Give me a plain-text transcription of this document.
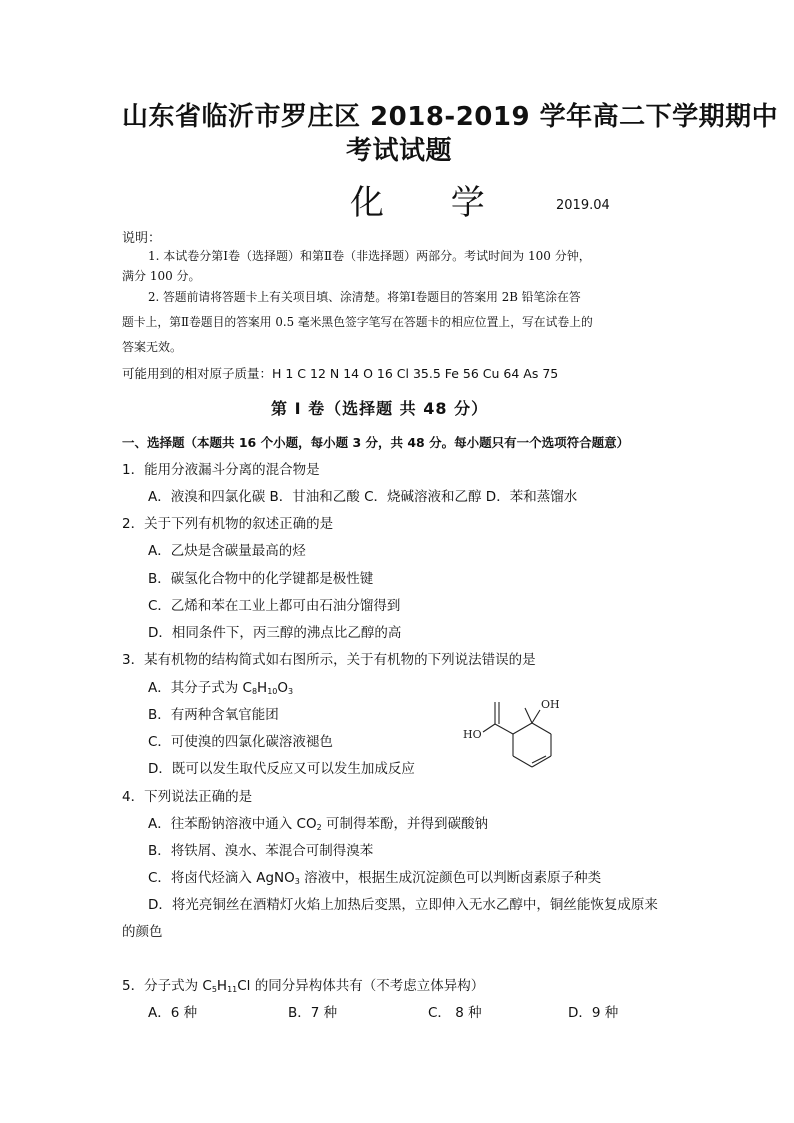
山东省临沂市罗庄区 2018-2019 学年高二下学期期中
考试试题
化 学	2019.04
说明：
1. 本试卷分第Ⅰ卷（选择题）和第Ⅱ卷（非选择题）两部分。考试时间为 100 分钟，
满分 100 分。
2. 答题前请将答题卡上有关项目填、涂清楚。将第Ⅰ卷题目的答案用 2B 铅笔涂在答
题卡上，第Ⅱ卷题目的答案用 0.5 毫米黑色签字笔写在答题卡的相应位置上，写在试卷上的
答案无效。
可能用到的相对原子质量：H 1 C 12 N 14 O 16 Cl 35.5 Fe 56 Cu 64 As 75
第 I 卷（选择题 共 48 分）
一、选择题（本题共 16 个小题，每小题 3 分，共 48 分。每小题只有一个选项符合题意）
1．能用分液漏斗分离的混合物是
A．液溴和四氯化碳 B．甘油和乙酸 C．烧碱溶液和乙醇 D．苯和蒸馏水
2．关于下列有机物的叙述正确的是
A．乙炔是含碳量最高的烃
B．碳氢化合物中的化学键都是极性键
C．乙烯和苯在工业上都可由石油分馏得到
D．相同条件下，丙三醇的沸点比乙醇的高
3．某有机物的结构简式如右图所示，关于有机物的下列说法错误的是
A．其分子式为 $C_8H_{10}O_3$
B．有两种含氧官能团
C．可使溴的四氯化碳溶液褪色
D．既可以发生取代反应又可以发生加成反应
OH
HO
4．下列说法正确的是
A．往苯酚钠溶液中通入 $CO_2$ 可制得苯酚，并得到碳酸钠
B．将铁屑、溴水、苯混合可制得溴苯
C．将卤代烃滴入 AgNO$_3$ 溶液中，根据生成沉淀颜色可以判断卤素原子种类
D．将光亮铜丝在酒精灯火焰上加热后变黑，立即伸入无水乙醇中，铜丝能恢复成原来
的颜色
5．分子式为 $C_5H_{11}Cl$ 的同分异构体共有（不考虑立体异构）
A．6 种	B．7 种	C． 8 种	D．9 种
